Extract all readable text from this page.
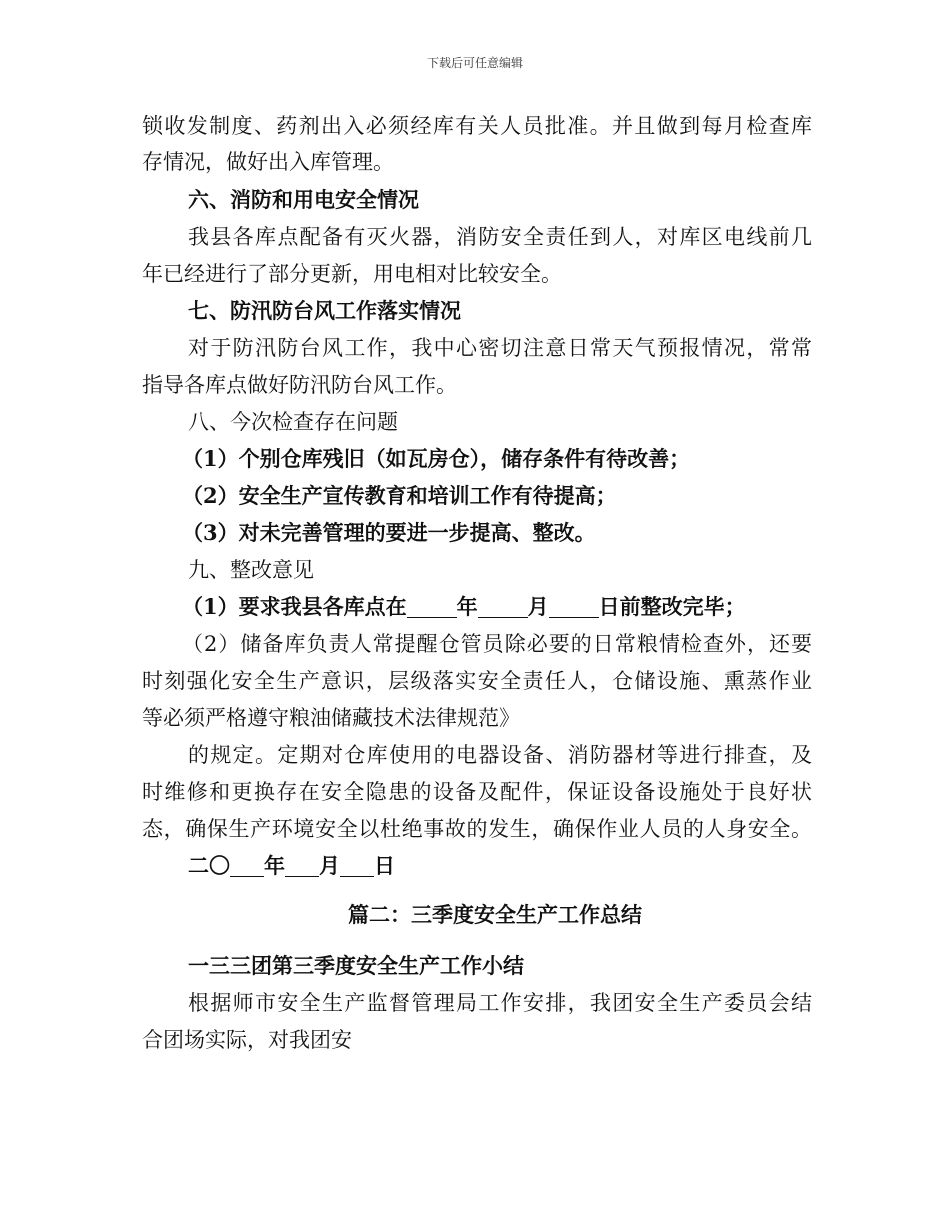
下载后可任意编辑
锁收发制度、药剂出入必须经库有关人员批准。并且做到每月检查库
存情况，做好出入库管理。
六、消防和用电安全情况
我县各库点配备有灭火器，消防安全责任到人，对库区电线前几
年已经进行了部分更新，用电相对比较安全。
七、防汛防台风工作落实情况
对于防汛防台风工作，我中心密切注意日常天气预报情况，常常
指导各库点做好防汛防台风工作。
八、今次检查存在问题
（1）个别仓库残旧（如瓦房仓），储存条件有待改善；
（2）安全生产宣传教育和培训工作有待提高；
（3）对未完善管理的要进一步提高、整改。
九、整改意见
（1）要求我县各库点在 年 月 日前整改完毕；
（2）储备库负责人常提醒仓管员除必要的日常粮情检查外，还要
时刻强化安全生产意识，层级落实安全责任人，仓储设施、熏蒸作业
等必须严格遵守粮油储藏技术法律规范》
的规定。定期对仓库使用的电器设备、消防器材等进行排查，及
时维修和更换存在安全隐患的设备及配件，保证设备设施处于良好状
态，确保生产环境安全以杜绝事故的发生，确保作业人员的人身安全。
二〇 年 月 日
篇二：三季度安全生产工作总结
一三三团第三季度安全生产工作小结
根据师市安全生产监督管理局工作安排，我团安全生产委员会结
合团场实际，对我团安
